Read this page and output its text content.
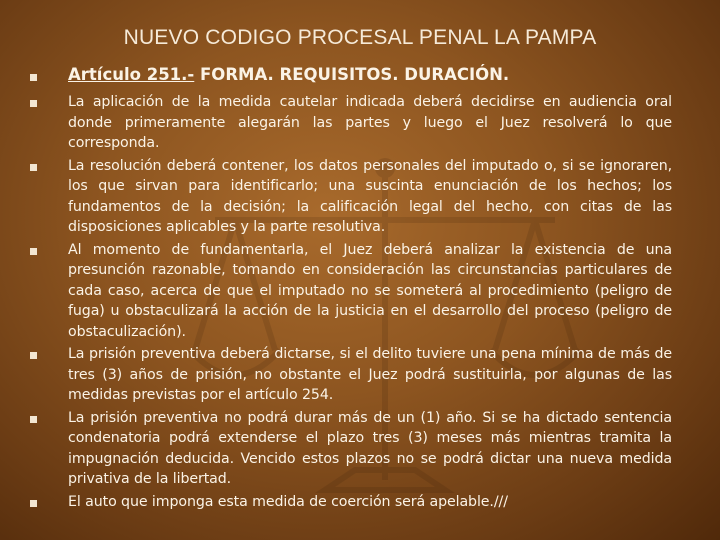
NUEVO CODIGO PROCESAL PENAL LA PAMPA
Artículo 251.- FORMA. REQUISITOS. DURACIÓN.
La aplicación de la medida cautelar indicada deberá decidirse en audiencia oral donde primeramente alegarán las partes y luego el Juez resolverá lo que corresponda.
La resolución deberá contener, los datos personales del imputado o, si se ignoraren, los que sirvan para identificarlo; una suscinta enunciación de los hechos; los fundamentos de la decisión; la calificación legal del hecho, con citas de las disposiciones aplicables y la parte resolutiva.
Al momento de fundamentarla, el Juez deberá analizar la existencia de una presunción razonable, tomando en consideración las circunstancias particulares de cada caso, acerca de que el imputado no se someterá al procedimiento (peligro de fuga) u obstaculizará la acción de la justicia en el desarrollo del proceso (peligro de obstaculización).
La prisión preventiva deberá dictarse, si el delito tuviere una pena mínima de más de tres (3) años de prisión, no obstante el Juez podrá sustituirla, por algunas de las medidas previstas por el artículo 254.
La prisión preventiva no podrá durar más de un (1) año. Si se ha dictado sentencia condenatoria podrá extenderse el plazo tres (3) meses más mientras tramita la impugnación deducida. Vencido estos plazos no se podrá dictar una nueva medida privativa de la libertad.
El auto que imponga esta medida de coerción será apelable.///
